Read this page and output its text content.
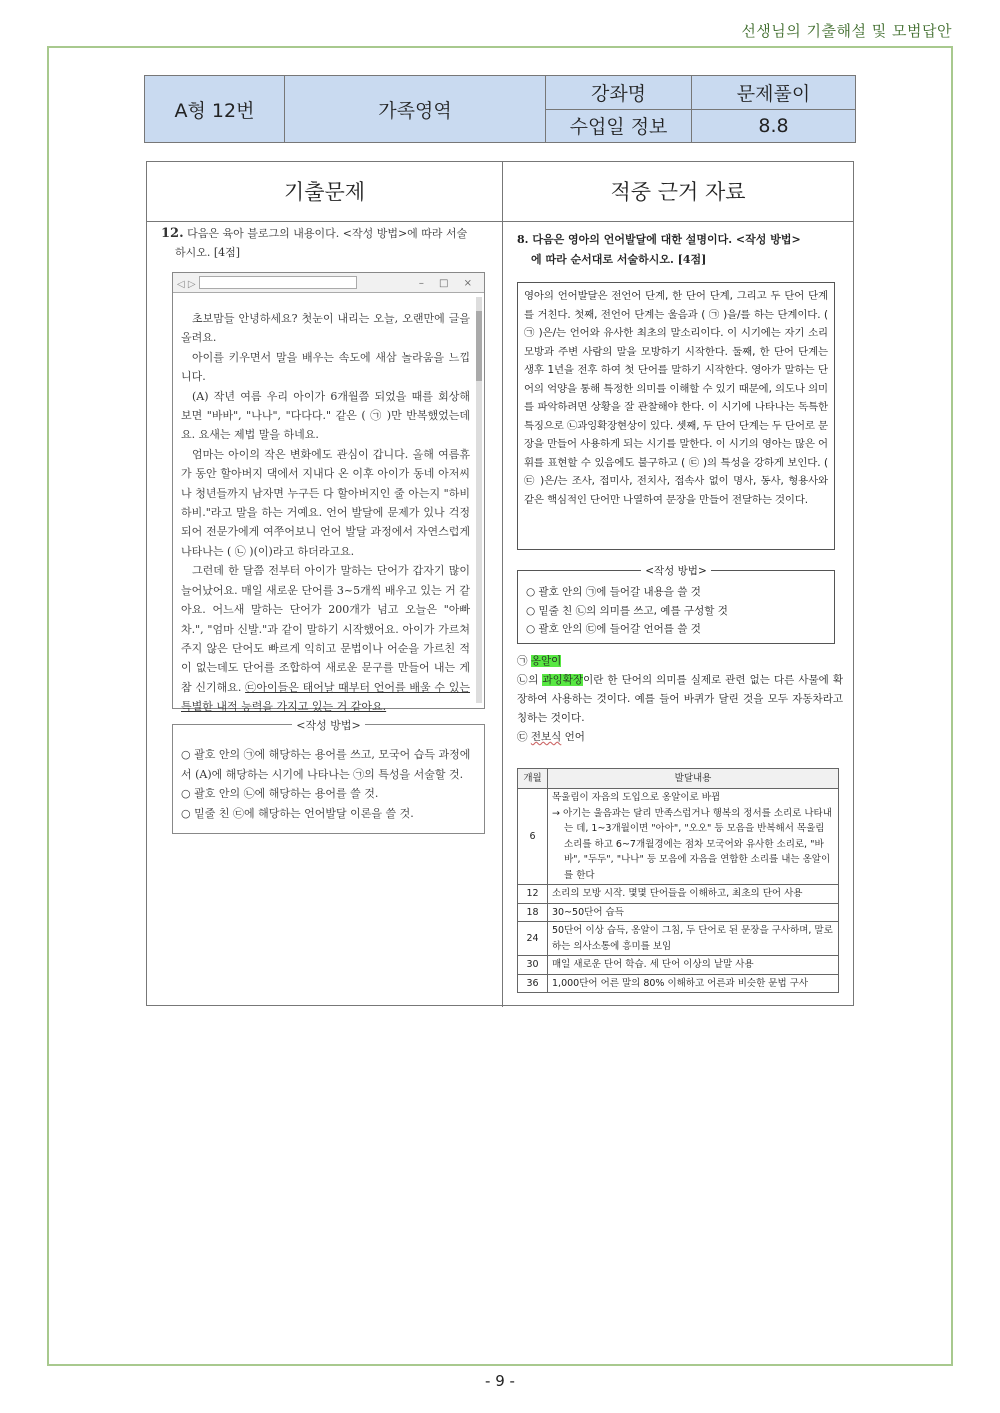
선생님의 기출해설 및 모범답안
A형 12번	가족영역	강좌명	문제풀이
		수업일 정보	8.8
기출문제	적중 근거 자료
12. 다음은 육아 블로그의 내용이다. <작성 방법>에 따라 서술
하시오. [4점]
◁ ▷	– □ ×

초보맘들 안녕하세요? 첫눈이 내리는 오늘, 오랜만에 글을 올려요.

아이를 키우면서 말을 배우는 속도에 새삼 놀라움을 느낍니다.

(A) 작년 여름 우리 아이가 6개월쯤 되었을 때를 회상해 보면 "바바", "나나", "다다다." 같은 ( ㉠ )만 반복했었는데요. 요새는 제법 말을 하네요.

엄마는 아이의 작은 변화에도 관심이 갑니다. 올해 여름휴가 동안 할아버지 댁에서 지내다 온 이후 아이가 동네 아저씨나 청년들까지 남자면 누구든 다 할아버지인 줄 아는지 "하비 하비."라고 말을 하는 거예요. 언어 발달에 문제가 있나 걱정되어 전문가에게 여쭈어보니 언어 발달 과정에서 자연스럽게 나타나는 ( ㉡ )(이)라고 하더라고요.

그런데 한 달쯤 전부터 아이가 말하는 단어가 갑자기 많이 늘어났어요. 매일 새로운 단어를 3~5개씩 배우고 있는 거 같아요. 어느새 말하는 단어가 200개가 넘고 오늘은 "아빠 차.", "엄마 신발."과 같이 말하기 시작했어요. 아이가 가르쳐 주지 않은 단어도 빠르게 익히고 문법이나 어순을 가르친 적이 없는데도 단어를 조합하여 새로운 문구를 만들어 내는 게 참 신기해요. ㉢아이들은 태어날 때부터 언어를 배울 수 있는 특별한 내적 능력을 가지고 있는 거 같아요.

<작성 방법>
○ 괄호 안의 ㉠에 해당하는 용어를 쓰고, 모국어 습득 과정에서 (A)에 해당하는 시기에 나타나는 ㉠의 특성을 서술할 것.
○ 괄호 안의 ㉡에 해당하는 용어를 쓸 것.
○ 밑줄 친 ㉢에 해당하는 언어발달 이론을 쓸 것.
8. 다음은 영아의 언어발달에 대한 설명이다. <작성 방법>
에 따라 순서대로 서술하시오. [4점]
영아의 언어발달은 전언어 단계, 한 단어 단계, 그리고 두 단어 단계를 거친다. 첫째, 전언어 단계는 울음과 ( ㉠ )을/를 하는 단계이다. ( ㉠ )은/는 언어와 유사한 최초의 말소리이다. 이 시기에는 자기 소리 모방과 주변 사람의 말을 모방하기 시작한다. 둘째, 한 단어 단계는 생후 1년을 전후 하여 첫 단어를 말하기 시작한다. 영아가 말하는 단어의 억양을 통해 특정한 의미를 이해할 수 있기 때문에, 의도나 의미를 파악하려면 상황을 잘 관찰해야 한다. 이 시기에 나타나는 독특한 특징으로 ㉡과잉확장현상이 있다. 셋째, 두 단어 단계는 두 단어로 문장을 만들어 사용하게 되는 시기를 말한다. 이 시기의 영아는 많은 어휘를 표현할 수 있음에도 불구하고 ( ㉢ )의 특성을 강하게 보인다. ( ㉢ )은/는 조사, 접미사, 전치사, 접속사 없이 명사, 동사, 형용사와 같은 핵심적인 단어만 나열하여 문장을 만들어 전달하는 것이다.
<작성 방법>
○ 괄호 안의 ㉠에 들어갈 내용을 쓸 것
○ 밑줄 친 ㉡의 의미를 쓰고, 예를 구성할 것
○ 괄호 안의 ㉢에 들어갈 언어를 쓸 것
㉠ 옹알이
㉡의 과잉확장이란 한 단어의 의미를 실제로 관련 없는 다른 사물에 확장하여 사용하는 것이다. 예를 들어 바퀴가 달린 것을 모두 자동차라고 칭하는 것이다.
㉢ 전보식 언어
개월	발달내용
6	목울림이 자음의 도입으로 옹알이로 바뀜
→ 아기는 울음과는 달리 만족스럽거나 행복의 정서를 소리로 나타내는 데, 1~3개월이면 "아아", "오오" 등 모음을 반복해서 목울림 소리를 하고 6~7개월경에는 점차 모국어와 유사한 소리로, "바바", "두두", "나나" 등 모음에 자음을 연합한 소리를 내는 옹알이를 한다

12	소리의 모방 시작. 몇몇 단어들을 이해하고, 최초의 단어 사용
18	30~50단어 습득
24	50단어 이상 습득, 옹알이 그침, 두 단어로 된 문장을 구사하며, 말로 하는 의사소통에 흥미를 보임
30	매일 새로운 단어 학습. 세 단어 이상의 낱말 사용
36	1,000단어 어른 말의 80% 이해하고 어른과 비슷한 문법 구사
- 9 -
